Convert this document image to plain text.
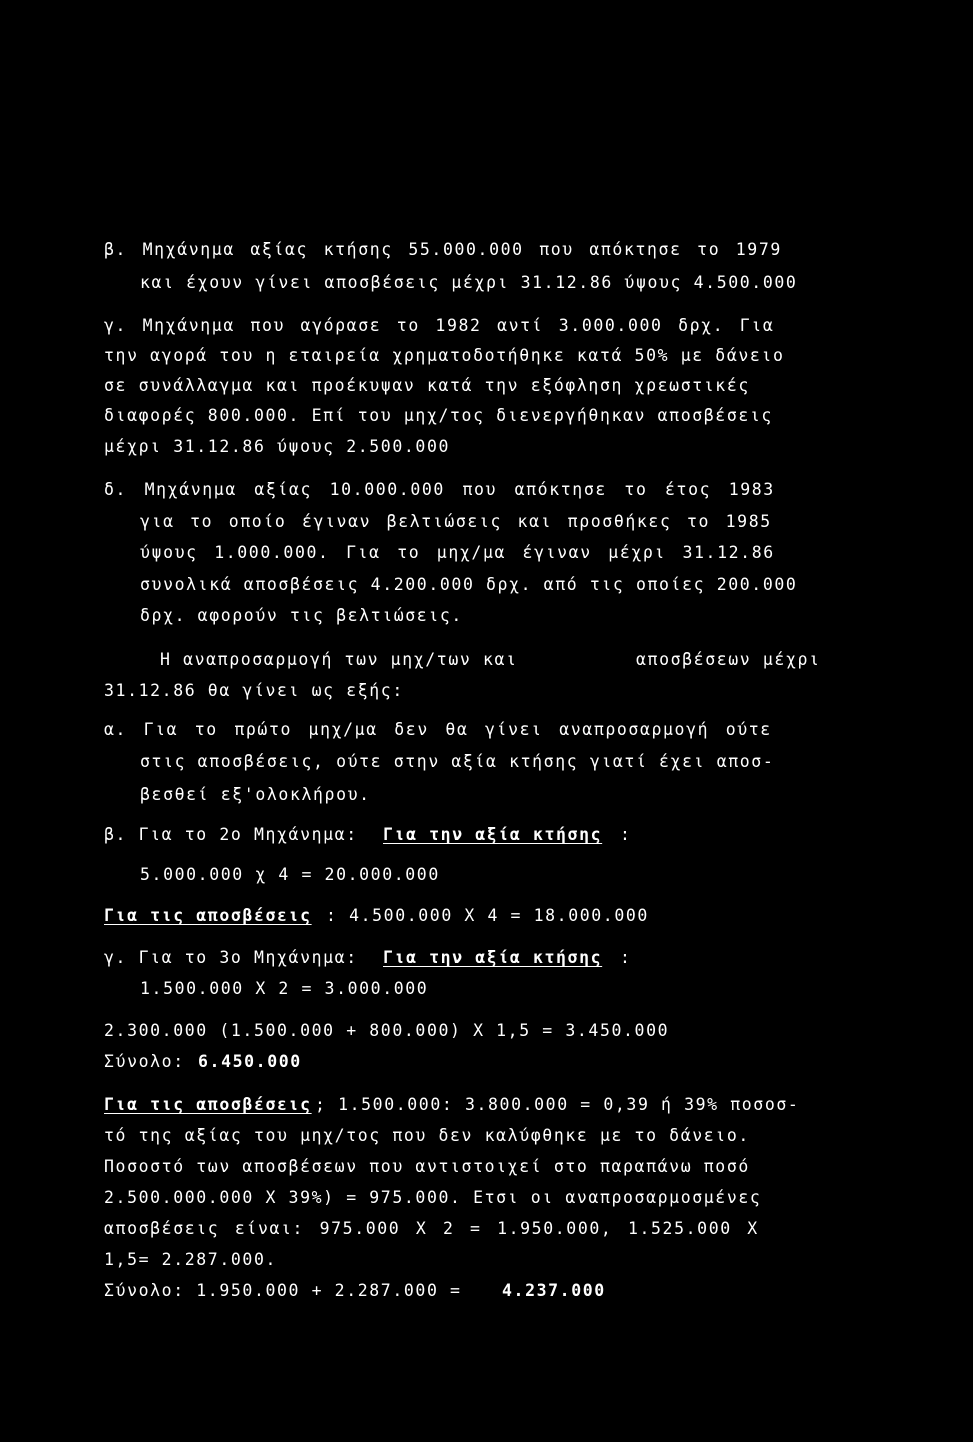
β. Μηχάνημα αξίας κτήσης 55.000.000 που απόκτησε το 1979

και έχουν γίνει αποσβέσεις μέχρι 31.12.86 ύψους 4.500.000

γ. Μηχάνημα που αγόρασε το 1982 αντί 3.000.000 δρχ. Για

την αγορά του η εταιρεία χρηματοδοτήθηκε κατά 50% με δάνειο

σε συνάλλαγμα και προέκυψαν κατά την εξόφληση χρεωστικές

διαφορές 800.000. Επί του μηχ/τος διενεργήθηκαν αποσβέσεις

μέχρι 31.12.86 ύψους 2.500.000

δ. Μηχάνημα αξίας 10.000.000 που απόκτησε το έτος 1983

για το οποίο έγιναν βελτιώσεις και προσθήκες το 1985

ύψους 1.000.000. Για το μηχ/μα έγιναν μέχρι 31.12.86

συνολικά αποσβέσεις 4.200.000 δρχ. από τις οποίες 200.000

δρχ. αφορούν τις βελτιώσεις.

Η αναπροσαρμογή των μηχ/των και	αποσβέσεων μέχρι

31.12.86 θα γίνει ως εξής:

α. Για το πρώτο μηχ/μα δεν θα γίνει αναπροσαρμογή ούτε

στις αποσβέσεις, ούτε στην αξία κτήσης γιατί έχει αποσ-

βεσθεί εξ'ολοκλήρου.

β. Για το 2ο Μηχάνημα: Για την αξία κτήσης :

5.000.000 χ 4 = 20.000.000

Για τις αποσβέσεις : 4.500.000 Χ 4 = 18.000.000

γ. Για το 3ο Μηχάνημα: Για την αξία κτήσης :

1.500.000 Χ 2 = 3.000.000

2.300.000 (1.500.000 + 800.000) Χ 1,5 = 3.450.000

Σύνολο: 6.450.000

Για τις αποσβέσεις ; 1.500.000: 3.800.000 = 0,39 ή 39% ποσοσ-

τό της αξίας του μηχ/τος που δεν καλύφθηκε με το δάνειο.

Ποσοστό των αποσβέσεων που αντιστοιχεί στο παραπάνω ποσό

2.500.000.000 Χ 39%) = 975.000. Ετσι οι αναπροσαρμοσμένες

αποσβέσεις είναι: 975.000 Χ 2 = 1.950.000, 1.525.000 Χ

1,5= 2.287.000.

Σύνολο: 1.950.000 + 2.287.000 = 4.237.000
